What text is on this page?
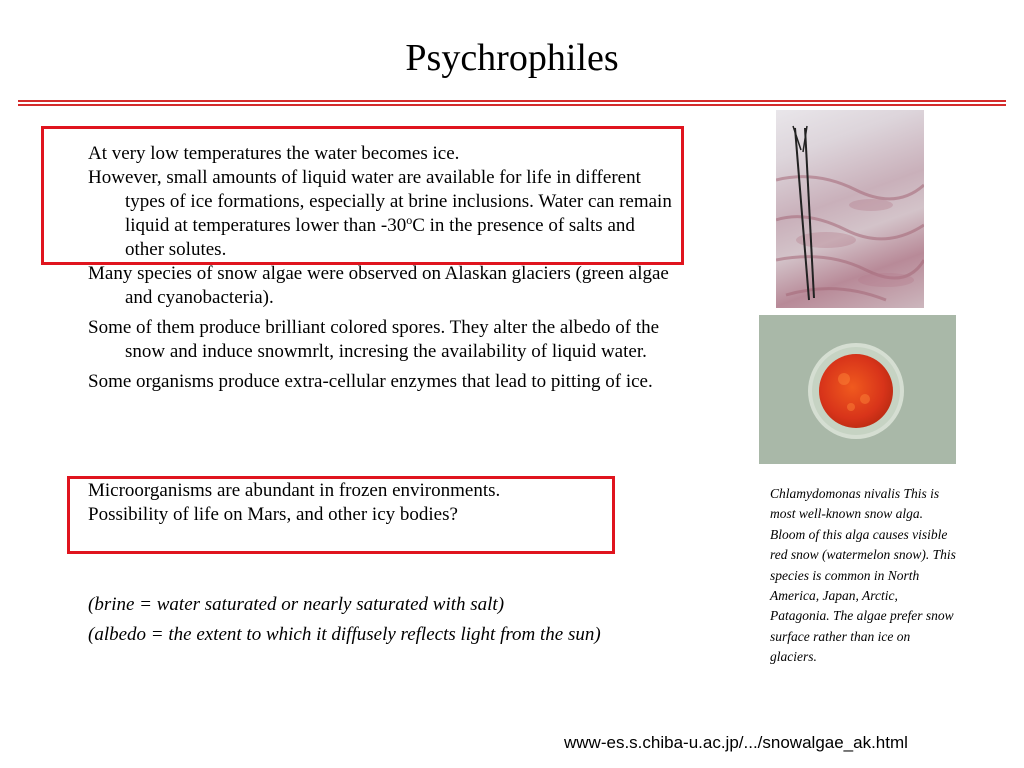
Psychrophiles
At very low temperatures the water becomes ice.
However, small amounts of liquid water are available for life in different types of ice formations, especially at brine inclusions. Water can remain liquid at temperatures lower than -30$^o$C in the presence of salts and other solutes.
Many species of snow algae were observed on Alaskan glaciers (green algae and cyanobacteria).
Some of them produce brilliant colored spores. They alter the albedo of the snow and induce snowmrlt, incresing the availability of liquid water.
Some organisms produce extra-cellular enzymes that lead to pitting of ice.
Microorganisms are abundant in frozen environments.
Possibility of life on Mars, and other icy bodies?
(brine = water saturated or nearly saturated with salt)
(albedo = the extent to which it diffusely reflects light from the sun)
Chlamydomonas nivalis This is most well-known snow alga. Bloom of this alga causes visible red snow (watermelon snow). This species is common in North America, Japan, Arctic, Patagonia. The algae prefer snow surface rather than ice on glaciers.
www-es.s.chiba-u.ac.jp/.../snowalgae_ak.html
